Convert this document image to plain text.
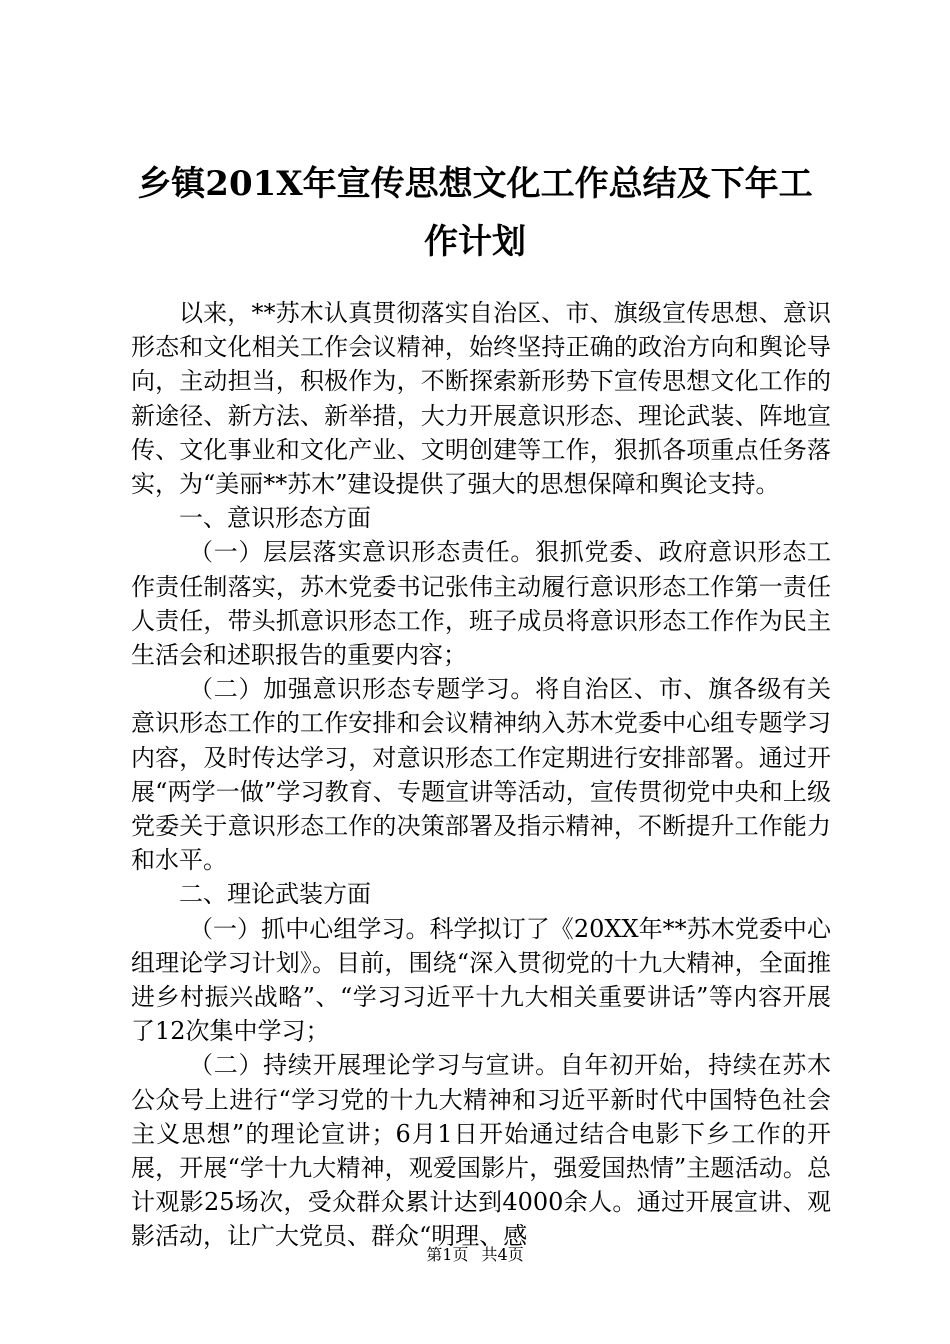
乡镇201X年宣传思想文化工作总结及下年工
作计划

以来，**苏木认真贯彻落实自治区、市、旗级宣传思想、意识形态和文化相关工作会议精神，始终坚持正确的政治方向和舆论导向，主动担当，积极作为，不断探索新形势下宣传思想文化工作的新途径、新方法、新举措，大力开展意识形态、理论武装、阵地宣传、文化事业和文化产业、文明创建等工作，狠抓各项重点任务落实，为“美丽**苏木”建设提供了强大的思想保障和舆论支持。

一、意识形态方面

（一）层层落实意识形态责任。狠抓党委、政府意识形态工作责任制落实，苏木党委书记张伟主动履行意识形态工作第一责任人责任，带头抓意识形态工作，班子成员将意识形态工作作为民主生活会和述职报告的重要内容；

（二）加强意识形态专题学习。将自治区、市、旗各级有关意识形态工作的工作安排和会议精神纳入苏木党委中心组专题学习内容，及时传达学习，对意识形态工作定期进行安排部署。通过开展“两学一做”学习教育、专题宣讲等活动，宣传贯彻党中央和上级党委关于意识形态工作的决策部署及指示精神，不断提升工作能力和水平。

二、理论武装方面

（一）抓中心组学习。科学拟订了《20XX年**苏木党委中心组理论学习计划》。目前，围绕“深入贯彻党的十九大精神，全面推进乡村振兴战略”、“学习习近平十九大相关重要讲话”等内容开展了12次集中学习；

（二）持续开展理论学习与宣讲。自年初开始，持续在苏木公众号上进行“学习党的十九大精神和习近平新时代中国特色社会主义思想”的理论宣讲；6月1日开始通过结合电影下乡工作的开展，开展“学十九大精神，观爱国影片，强爱国热情”主题活动。总计观影25场次，受众群众累计达到4000余人。通过开展宣讲、观影活动，让广大党员、群众“明理、感

第1页 共4页
